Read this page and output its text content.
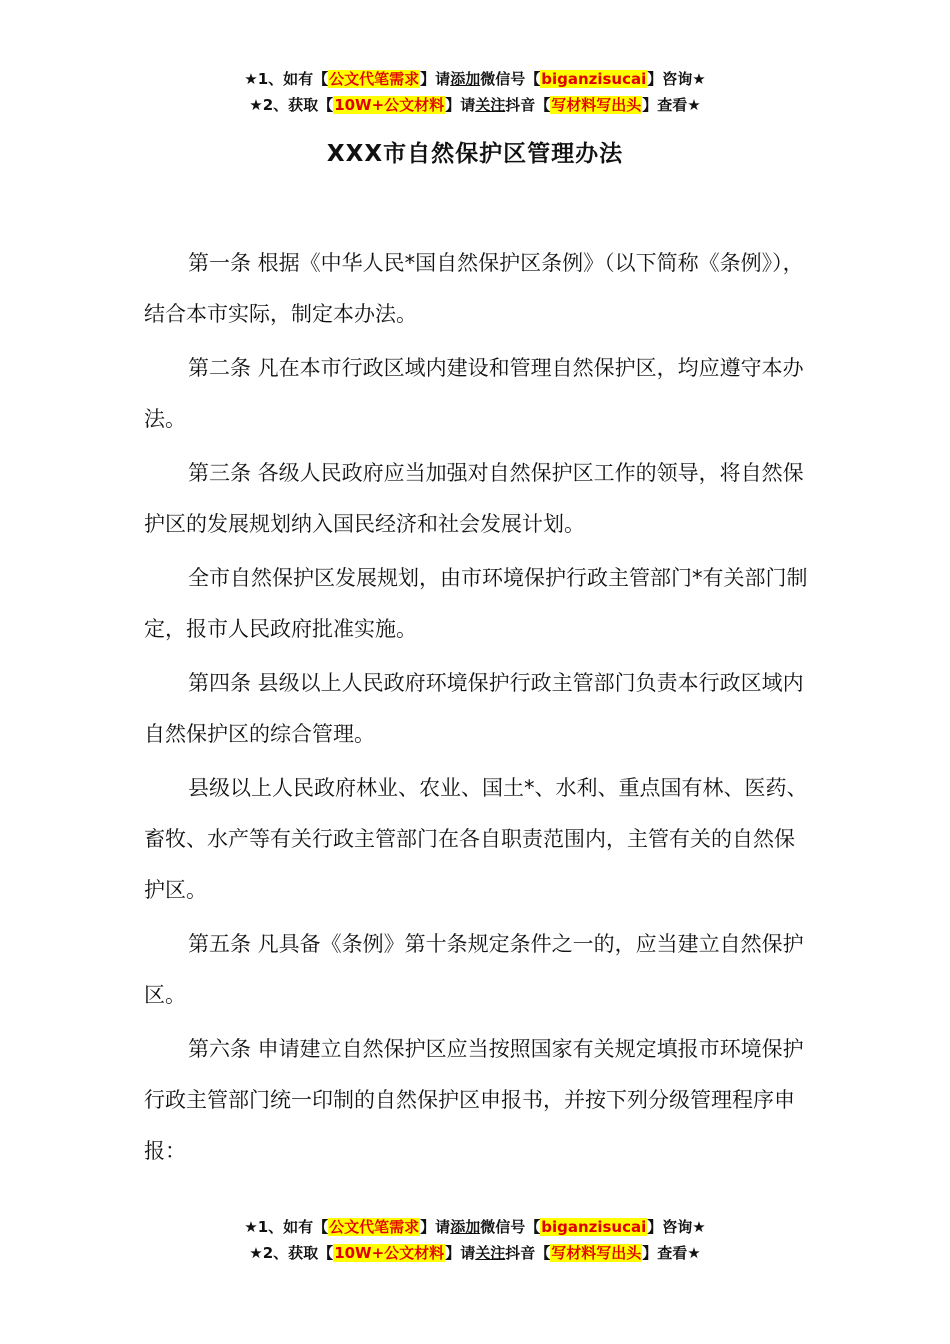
★1、如有【公文代笔需求】请添加微信号【biganzisucai】咨询★
★2、获取【10W+公文材料】请关注抖音【写材料写出头】查看★
XXX市自然保护区管理办法

第一条 根据《中华人民*国自然保护区条例》（以下简称《条例》），结合本市实际，制定本办法。

第二条 凡在本市行政区域内建设和管理自然保护区，均应遵守本办法。

第三条 各级人民政府应当加强对自然保护区工作的领导，将自然保护区的发展规划纳入国民经济和社会发展计划。

全市自然保护区发展规划，由市环境保护行政主管部门*有关部门制定，报市人民政府批准实施。

第四条 县级以上人民政府环境保护行政主管部门负责本行政区域内自然保护区的综合管理。

县级以上人民政府林业、农业、国土*、水利、重点国有林、医药、畜牧、水产等有关行政主管部门在各自职责范围内，主管有关的自然保护区。

第五条 凡具备《条例》第十条规定条件之一的，应当建立自然保护区。

第六条 申请建立自然保护区应当按照国家有关规定填报市环境保护行政主管部门统一印制的自然保护区申报书，并按下列分级管理程序申报：

★1、如有【公文代笔需求】请添加微信号【biganzisucai】咨询★
★2、获取【10W+公文材料】请关注抖音【写材料写出头】查看★
